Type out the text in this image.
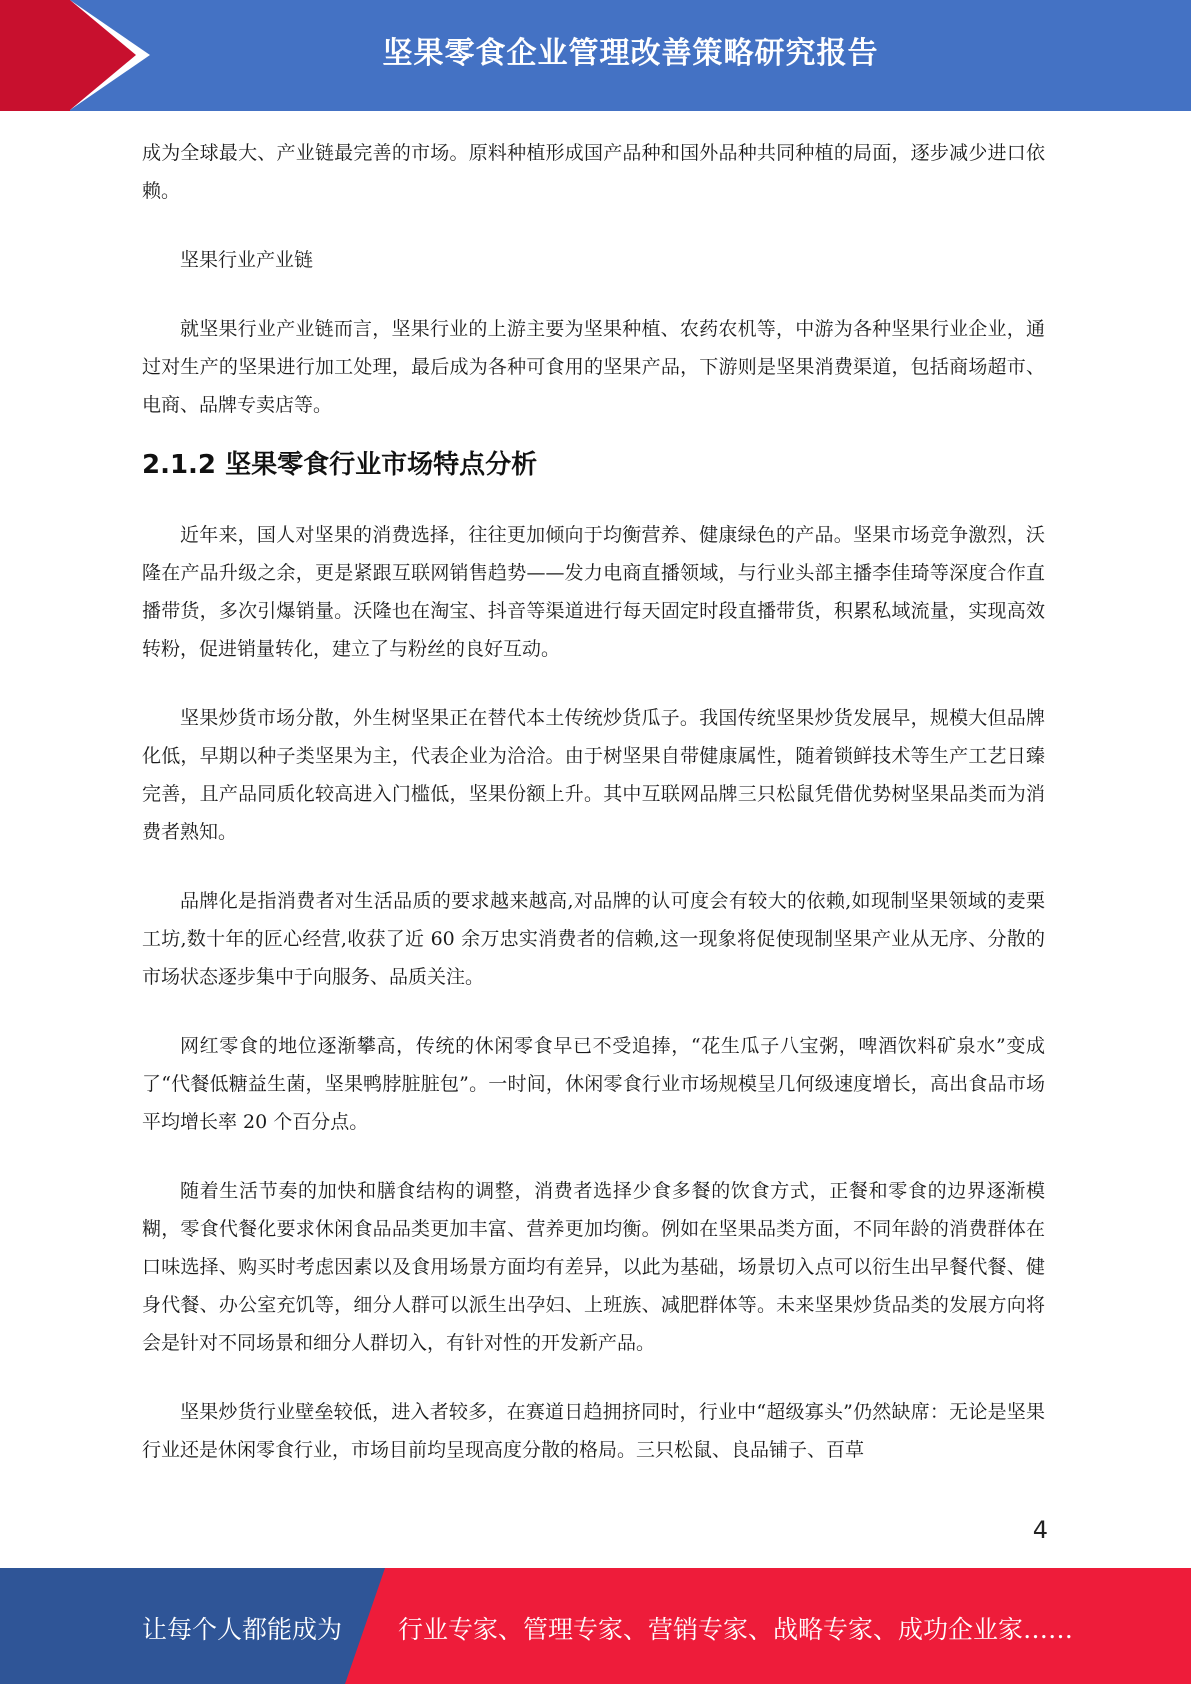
坚果零食企业管理改善策略研究报告

成为全球最大、产业链最完善的市场。原料种植形成国产品种和国外品种共同种植的局面，逐步减少进口依赖。

坚果行业产业链

就坚果行业产业链而言，坚果行业的上游主要为坚果种植、农药农机等，中游为各种坚果行业企业，通过对生产的坚果进行加工处理，最后成为各种可食用的坚果产品，下游则是坚果消费渠道，包括商场超市、电商、品牌专卖店等。

2.1.2 坚果零食行业市场特点分析

近年来，国人对坚果的消费选择，往往更加倾向于均衡营养、健康绿色的产品。坚果市场竞争激烈，沃隆在产品升级之余，更是紧跟互联网销售趋势——发力电商直播领域，与行业头部主播李佳琦等深度合作直播带货，多次引爆销量。沃隆也在淘宝、抖音等渠道进行每天固定时段直播带货，积累私域流量，实现高效转粉，促进销量转化，建立了与粉丝的良好互动。

坚果炒货市场分散，外生树坚果正在替代本土传统炒货瓜子。我国传统坚果炒货发展早，规模大但品牌化低，早期以种子类坚果为主，代表企业为洽洽。由于树坚果自带健康属性，随着锁鲜技术等生产工艺日臻完善，且产品同质化较高进入门槛低，坚果份额上升。其中互联网品牌三只松鼠凭借优势树坚果品类而为消费者熟知。

品牌化是指消费者对生活品质的要求越来越高,对品牌的认可度会有较大的依赖,如现制坚果领域的麦栗工坊,数十年的匠心经营,收获了近 60 余万忠实消费者的信赖,这一现象将促使现制坚果产业从无序、分散的市场状态逐步集中于向服务、品质关注。

网红零食的地位逐渐攀高，传统的休闲零食早已不受追捧，“花生瓜子八宝粥，啤酒饮料矿泉水”变成了“代餐低糖益生菌，坚果鸭脖脏脏包”。一时间，休闲零食行业市场规模呈几何级速度增长，高出食品市场平均增长率 20 个百分点。

随着生活节奏的加快和膳食结构的调整，消费者选择少食多餐的饮食方式，正餐和零食的边界逐渐模糊，零食代餐化要求休闲食品品类更加丰富、营养更加均衡。例如在坚果品类方面，不同年龄的消费群体在口味选择、购买时考虑因素以及食用场景方面均有差异，以此为基础，场景切入点可以衍生出早餐代餐、健身代餐、办公室充饥等，细分人群可以派生出孕妇、上班族、减肥群体等。未来坚果炒货品类的发展方向将会是针对不同场景和细分人群切入，有针对性的开发新产品。

坚果炒货行业壁垒较低，进入者较多，在赛道日趋拥挤同时，行业中“超级寡头”仍然缺席：无论是坚果行业还是休闲零食行业，市场目前均呈现高度分散的格局。三只松鼠、良品铺子、百草

4
让每个人都能成为 行业专家、管理专家、营销专家、战略专家、成功企业家……
